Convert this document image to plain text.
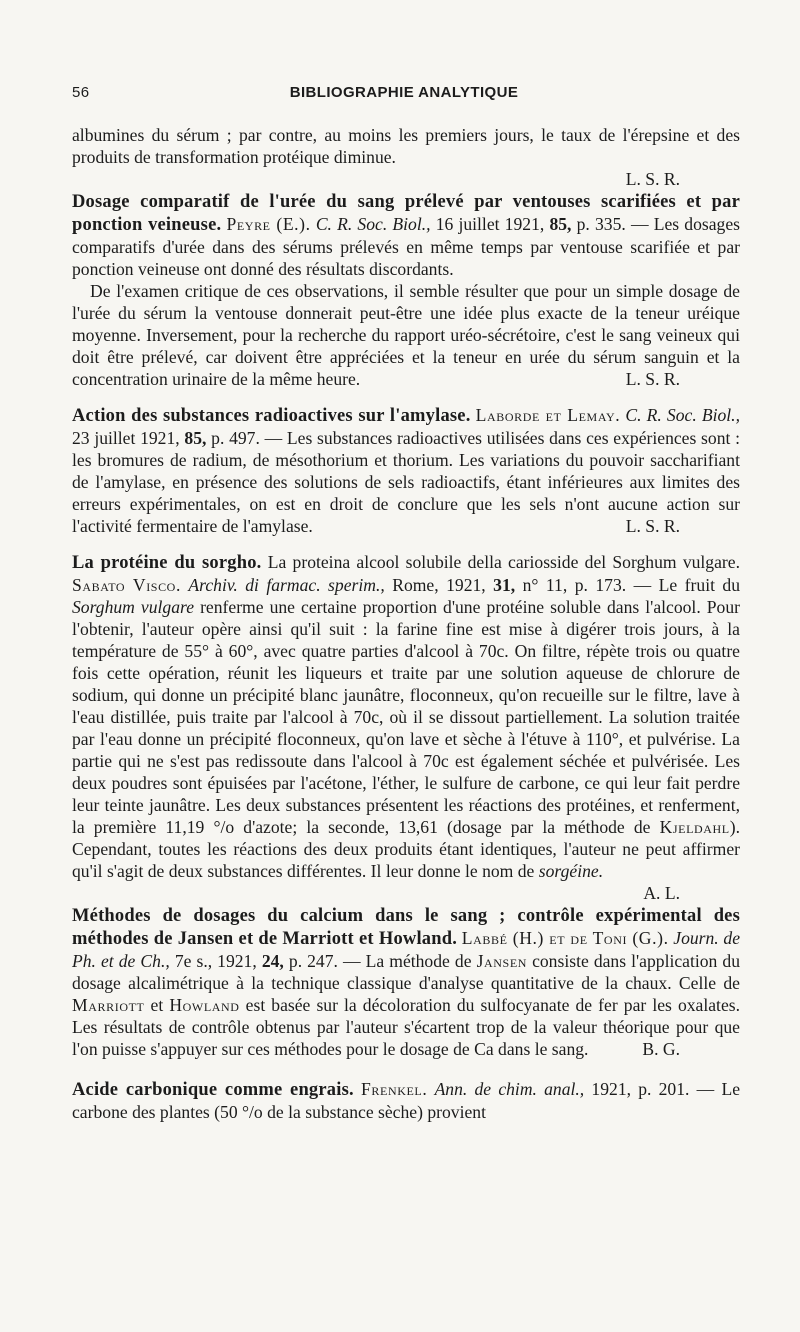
56	BIBLIOGRAPHIE ANALYTIQUE

albumines du sérum ; par contre, au moins les premiers jours, le taux de l'érepsine et des produits de transformation protéique diminue.

L. S. R.

Dosage comparatif de l'urée du sang prélevé par ventouses scarifiées et par ponction veineuse. Peyre (E.). C. R. Soc. Biol., 16 juillet 1921, 85, p. 335. — Les dosages comparatifs d'urée dans des sérums prélevés en même temps par ventouse scarifiée et par ponction veineuse ont donné des résultats discordants.

De l'examen critique de ces observations, il semble résulter que pour un simple dosage de l'urée du sérum la ventouse donnerait peut-être une idée plus exacte de la teneur uréique moyenne. Inversement, pour la recherche du rapport uréo-sécrétoire, c'est le sang veineux qui doit être prélevé, car doivent être appréciées et la teneur en urée du sérum sanguin et la concentration urinaire de la même heure.	L. S. R.

Action des substances radioactives sur l'amylase. Laborde et Lemay. C. R. Soc. Biol., 23 juillet 1921, 85, p. 497. — Les substances radioactives utilisées dans ces expériences sont : les bromures de radium, de mésothorium et thorium. Les variations du pouvoir saccharifiant de l'amylase, en présence des solutions de sels radioactifs, étant inférieures aux limites des erreurs expérimentales, on est en droit de conclure que les sels n'ont aucune action sur l'activité fermentaire de l'amylase.	L. S. R.

La protéine du sorgho. La proteina alcool solubile della cariosside del Sorghum vulgare. Sabato Visco. Archiv. di farmac. sperim., Rome, 1921, 31, n° 11, p. 173. — Le fruit du Sorghum vulgare renferme une certaine proportion d'une protéine soluble dans l'alcool. Pour l'obtenir, l'auteur opère ainsi qu'il suit : la farine fine est mise à digérer trois jours, à la température de 55° à 60°, avec quatre parties d'alcool à 70c. On filtre, répète trois ou quatre fois cette opération, réunit les liqueurs et traite par une solution aqueuse de chlorure de sodium, qui donne un précipité blanc jaunâtre, floconneux, qu'on recueille sur le filtre, lave à l'eau distillée, puis traite par l'alcool à 70c, où il se dissout partiellement. La solution traitée par l'eau donne un précipité floconneux, qu'on lave et sèche à l'étuve à 110°, et pulvérise. La partie qui ne s'est pas redissoute dans l'alcool à 70c est également séchée et pulvérisée. Les deux poudres sont épuisées par l'acétone, l'éther, le sulfure de carbone, ce qui leur fait perdre leur teinte jaunâtre. Les deux substances présentent les réactions des protéines, et renferment, la première 11,19 °/o d'azote; la seconde, 13,61 (dosage par la méthode de Kjeldahl). Cependant, toutes les réactions des deux produits étant identiques, l'auteur ne peut affirmer qu'il s'agit de deux substances différentes. Il leur donne le nom de sorgéine.

A. L.

Méthodes de dosages du calcium dans le sang ; contrôle expérimental des méthodes de Jansen et de Marriott et Howland. Labbé (H.) et de Toni (G.). Journ. de Ph. et de Ch., 7e s., 1921, 24, p. 247. — La méthode de Jansen consiste dans l'application du dosage alcalimétrique à la technique classique d'analyse quantitative de la chaux. Celle de Marriott et Howland est basée sur la décoloration du sulfocyanate de fer par les oxalates. Les résultats de contrôle obtenus par l'auteur s'écartent trop de la valeur théorique pour que l'on puisse s'appuyer sur ces méthodes pour le dosage de Ca dans le sang.	B. G.

Acide carbonique comme engrais. Frenkel. Ann. de chim. anal., 1921, p. 201. — Le carbone des plantes (50 °/o de la substance sèche) provient
